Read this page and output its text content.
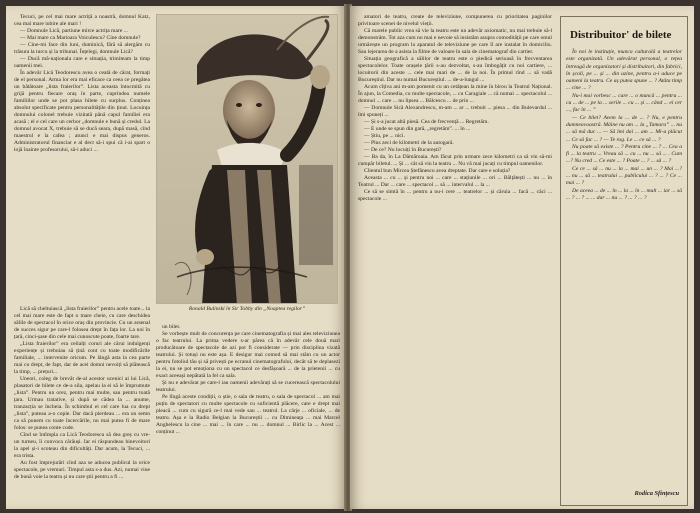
Tecuci, pe cel mai mare actriță a noastră, domnul Katz, cea mai mare iubire ale mari !

— Domnule Lică, partiune mirce actrița mare ...

— Mai mare ca Marioara Voiculescu? Cine domnule?

— Cine-mi face din luni, duminică, fără să alergăm cu trăsura la turcu și la tribunal. Înțelegi, domnule Lică?

— Ducă mă-naționala care e situația, trimiteam la timp oamenii mei.

În adevăr Lică Teodorescu avea o ceată de cărat, formați de el personal. Arma lor era mai eficace ca ceea ce pregătea un bătătoare „lista fraierilor”. Lista aceasta întocmită cu grijă pentru fiecare oraș în parte, cuprindea numele familiilor unde se pot plasa bilete cu surplus. Conținea absolut specificate pentru personalitățile din ținut. Locuința domnului colonel trebuie vizitată până capul familiei era acasă ; el e cel care un cerbor „domnule e bună și credul. La domnul avocat X, trebuie să se ducă seara, după masă, cînd maestrul e la cafea ; atunci e mai dispus generos. Administratorul financiar e al dect să-i spui că i-ai spart o lojă înainte profesorului, să-i aduci ...

Ronald Bulinski în Sir Tobby din „Noaptea regilor”

Lică să cheltuiască „lista fraierilor” pentru acele toate... la cel mai mare este de fapt o mare cheie, cu care deschidea sălile de spectacol în orice oraș din provincie. Cu un arsenal de succes sigur pe care-l folosea drept în fața lor. La noi în țară, cinci-șase din cele mai cunoscute poate, foarte tare.

„Lista fraierilor” era ceilalți coruri ale cărui indulgenți experiențe și trebuiau să țină cont cu toate modificările familiale, ... intervenite oricum. Pe lângă asta la cea parte mai cu drept, de fapt, dar de acei domni nevoiți să plătească la timp, ... prețuri...

Uneori, coleg de brevăt de-al acestor ucenici ai lui Lică, plasatori de bilete ce de-a sila, apelau la ei să le împrumute „lista”. Pentru un orez, pentru mai multe, sau pentru toată țara. Urmau tratative, și după se cădea la ... anume, tranzacția se încheia. În schimbul ei cel care lua cu drept „lista”, puteau a-o copie. Dar dacă pierdeau ... era un semn ca să punem cu toate încercările, nu mai putea fi de mare folos: se punea conte code.

Cînd se întîmpla ca Lică Teodorescu să dea greș cu vre-un turneu, îi convoca cărăuși. Iar ei răspundeau binevoitori la apel și-i scoteau din dificultăți. Dar acum, la Tecuci, ... era trista.

Au fost împrejurări cînd aza se aducea publicul la orice spectacole, pe vremuri. Timpul asta s-a dus. Azi, numai vine de bună voie la teatru și nu care știi pentru a fi ...

un bilet.

Se vorbește mult de concurența pe care cinematografia și mai ales televiziunea o fac teatrului. La prima vedere s-ar părea că în adevăr cele două mari producătoare de spectacole de azi pot fi considerate — prin disciplina vizată teatrului. Și totuși nu este așa. E desigur mai comod să mai stăm cu un actor pentru fotoliul tău și să privești pe ecranul cinematografului, decât să te deplasezi la ei, nu se pot emoționa cu un spectacol ce desfășoară ... de la prietenii ... cu exact aceeași nepătată la fel ca sala.

Și nu e adevărat pe care-l iau oamenii adevărați să se cucerească spectacolului teatrului.

Pe lîngă aceste condiții, o știe, o sala de teatru, o sala de spectacol ... am mai puțin de spectatori cu multe spectacole cu suficientă plăcere, care e drept mai pleacă ... cum cu sigură ce-l mai vede sau ... teatrul. La cârje ... oficiale, ... de teatru. Așa e la Radio Belgian la Bucureștii ... cu Dimineața ... mai Marcel Anghelescu la cine ... mai ... în care ... nu ... domnul ... Birlic la ... Acest ... conținut ...

amatori de teatru, create de televiziune, compunerea cu prioritatea paginilor privitoare scenei de nivelul vieții.

Că marele public vrea să vie la teatru este un adevăr axiomatic, nu mai trebuie să-l demonstrăm. Tot aza cum nu mai e nevoie să insistăm asupra comodității pe care omul urmărește un program la aparatul de televiziune pe care îl are instalat în domiciliu. Sau lejerarea de a asista la filme de valoare în sala de cinematograf din cartier.

Situația geografică a sălilor de teatru este o piedică serioasă în frecventarea spectacolelor. Toate orașele țării s-au dezvoltat, s-au îmbogățit cu noi cartiere, ... locuitorii din aceste ... cele mai mari de ... de la noi. În primul rînd ... să vadă Bucureștiul. Dar nu numai Bucureștiul. ... de-a-lungul ...

Acum cîțiva ani m-am pomenit cu un cetățean la mine în birou la Teatrul Național. În ajun, la Comedia, cu multe spectacole, ... cu Caragiale ... că numai ... spectacolul ... domnul ... care ... nu lipsea ... Bălcescu ... de prin ...

— Domnule Sică Alexandrescu, m-am ... ar ... trebuit ... piesa ... din Bulevardul ... îmi spuneți ...

— Și s-a jucat altă piesă. Cea de frecvență ... Regretăm.

— E unde se spun din gară, „regretăm”. ... în ...

— Știu, pe ... nici.

— Plus zeci de kilometri de la autogară.

— De ce? Nu locuiți în București?

— Ba da, în La Dămăroaia. Am făcut prin urmare zece kilometri ca să vin să-mi cumpăr biletul. ... Și ... cât să vin la teatru ... Nu vă mai jucați cu timpul oamenilor.

Clientul bun Mircea Ștefănescu avea dreptate. Dar care e soluția?

Aceasta ... cu ... și pentru noi ... care ... stațiunile ... ori ... Bălțătești ... nu ... în Teatrul ... Dar ... care ... spectacol ... să ... intervalul ... la ...

Ce să se simtă în ... pentru a nu-i cere ... teatrelor ... și căruia ... facă ... căci ... spectacole ...

Distribuitor' de bilete

În noi le instituție, munca culturală a teatrelor este organizată. Un adevărat personal, o rețea întreagă de organizatori și distribuitori, din fabrici, în școli, pe ... și ... din uzine, pentru a-i aduce pe oameni la teatru. Ce aș putea spune ... ? Atâta timp ... cine ... ?

Nu-i mai vorbesc ... care ... o muncă ... pentru ... cu ... de ... pe la ... serile ... cu ... și ... când ... ei cer ..., fac în ... ”

— Ce bilet? Avem la ... de ... ? Nu, e pentru dumneavoastră. Mâine nu am ... la „Tamara” ... nu ... să mă duc ... — Să îmi dai ... am ... Mi-a plăcut ... Ce să fac ... ? — Te rog. Le ... ce să ... ?

Nu poate să existe ... ? Pentru cine ... ? ... Cea a fi ... la teatru ... Vreau să ... cu ... nu ... să ... . Cum ...? Nu cred ... Ce este ... ? Poate ... ? ... să ... ?

Ce ce ... să ... nu ... la ... mai ... un ... ? Mai ...? ... nu ... să ... teatrului ... publicului ... ? ... ? Ce ... mai ... ?

De aceea ... de ... în ... la ... în ... mult ... iar ... să ... ? ... ? ... ... dar ... nu ... ? ... ? ... ?

Rodica Sfințescu
